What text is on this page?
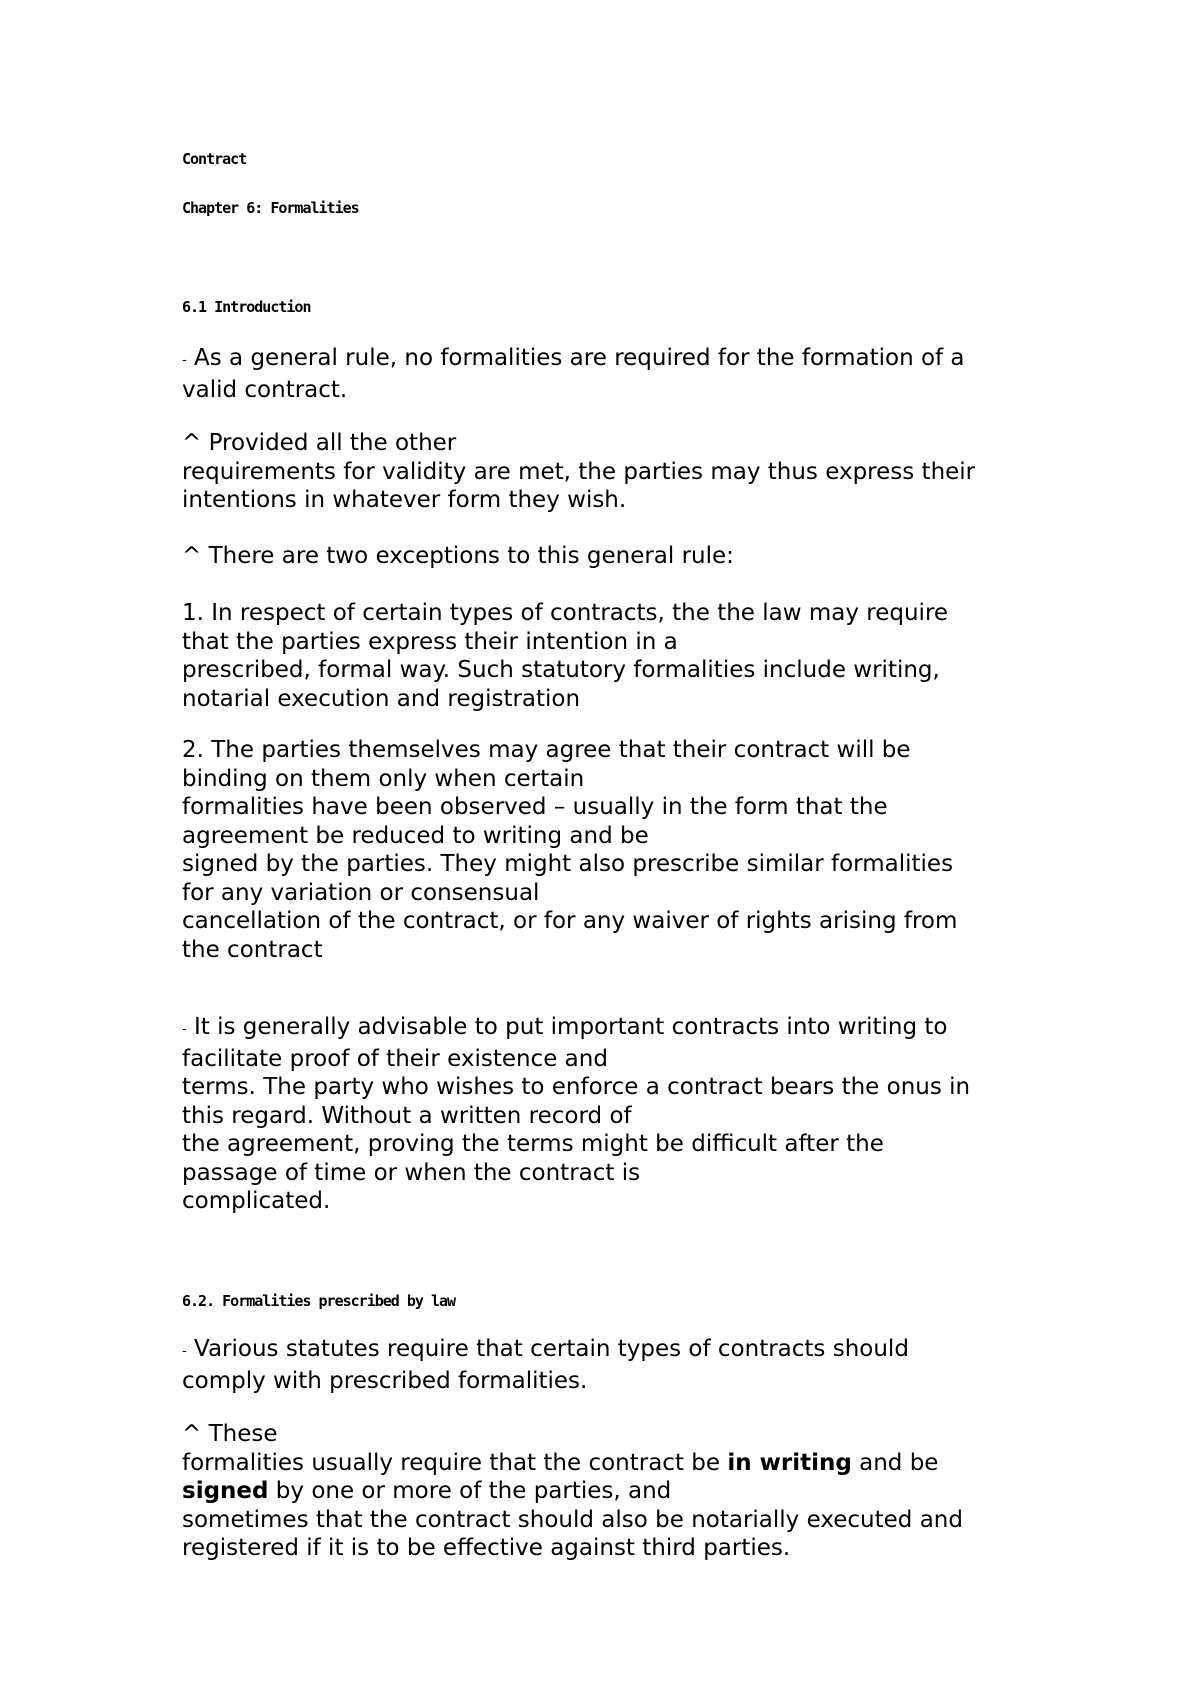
Contract
Chapter 6: Formalities
6.1 Introduction

- As a general rule, no formalities are required for the formation of a
valid contract.

^ Provided all the other
requirements for validity are met, the parties may thus express their
intentions in whatever form they wish.

^ There are two exceptions to this general rule:

1. In respect of certain types of contracts, the the law may require
that the parties express their intention in a
prescribed, formal way. Such statutory formalities include writing,
notarial execution and registration

2. The parties themselves may agree that their contract will be
binding on them only when certain
formalities have been observed – usually in the form that the
agreement be reduced to writing and be
signed by the parties. They might also prescribe similar formalities
for any variation or consensual
cancellation of the contract, or for any waiver of rights arising from
the contract

- It is generally advisable to put important contracts into writing to
facilitate proof of their existence and
terms. The party who wishes to enforce a contract bears the onus in
this regard. Without a written record of
the agreement, proving the terms might be difficult after the
passage of time or when the contract is
complicated.

6.2. Formalities prescribed by law

- Various statutes require that certain types of contracts should
comply with prescribed formalities.

^ These
formalities usually require that the contract be in writing and be
signed by one or more of the parties, and
sometimes that the contract should also be notarially executed and
registered if it is to be effective against third parties.
